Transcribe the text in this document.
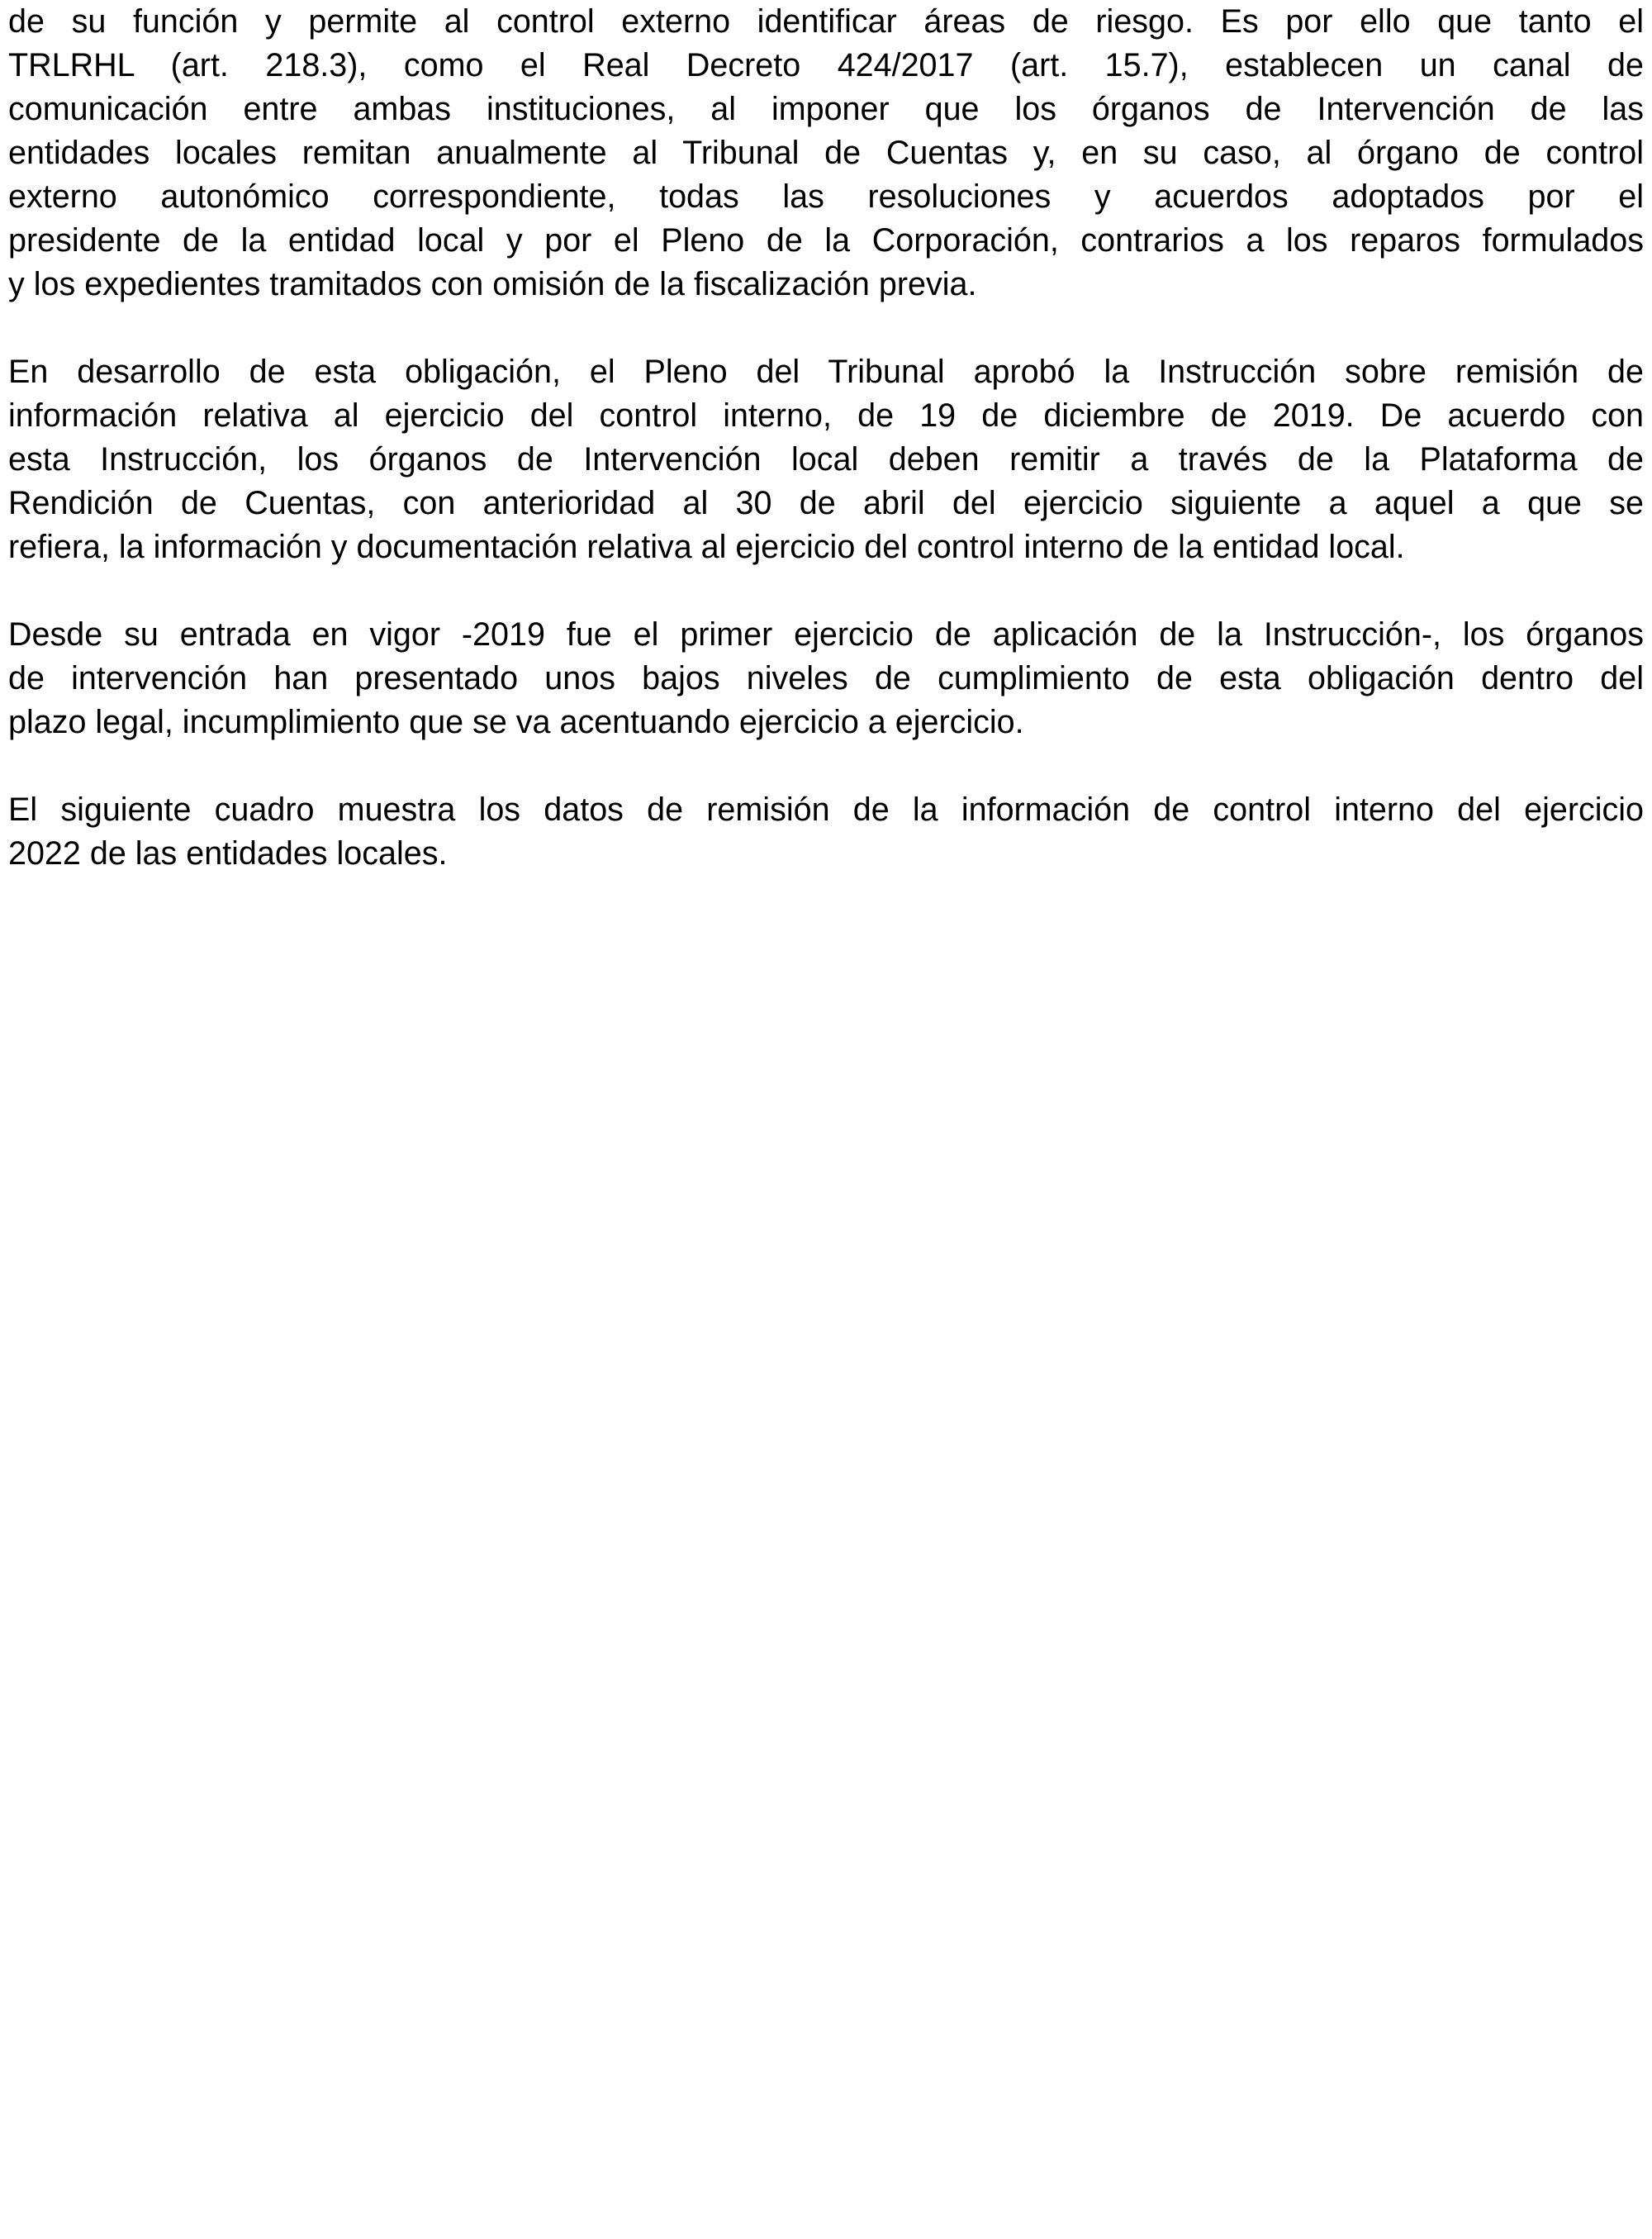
de su función y permite al control externo identificar áreas de riesgo. Es por ello que tanto el
TRLRHL (art. 218.3), como el Real Decreto 424/2017 (art. 15.7), establecen un canal de
comunicación entre ambas instituciones, al imponer que los órganos de Intervención de las
entidades locales remitan anualmente al Tribunal de Cuentas y, en su caso, al órgano de control
externo autonómico correspondiente, todas las resoluciones y acuerdos adoptados por el
presidente de la entidad local y por el Pleno de la Corporación, contrarios a los reparos formulados
y los expedientes tramitados con omisión de la fiscalización previa.

En desarrollo de esta obligación, el Pleno del Tribunal aprobó la Instrucción sobre remisión de
información relativa al ejercicio del control interno, de 19 de diciembre de 2019. De acuerdo con
esta Instrucción, los órganos de Intervención local deben remitir a través de la Plataforma de
Rendición de Cuentas, con anterioridad al 30 de abril del ejercicio siguiente a aquel a que se
refiera, la información y documentación relativa al ejercicio del control interno de la entidad local.

Desde su entrada en vigor -2019 fue el primer ejercicio de aplicación de la Instrucción-, los órganos
de intervención han presentado unos bajos niveles de cumplimiento de esta obligación dentro del
plazo legal, incumplimiento que se va acentuando ejercicio a ejercicio.

El siguiente cuadro muestra los datos de remisión de la información de control interno del ejercicio
2022 de las entidades locales.
